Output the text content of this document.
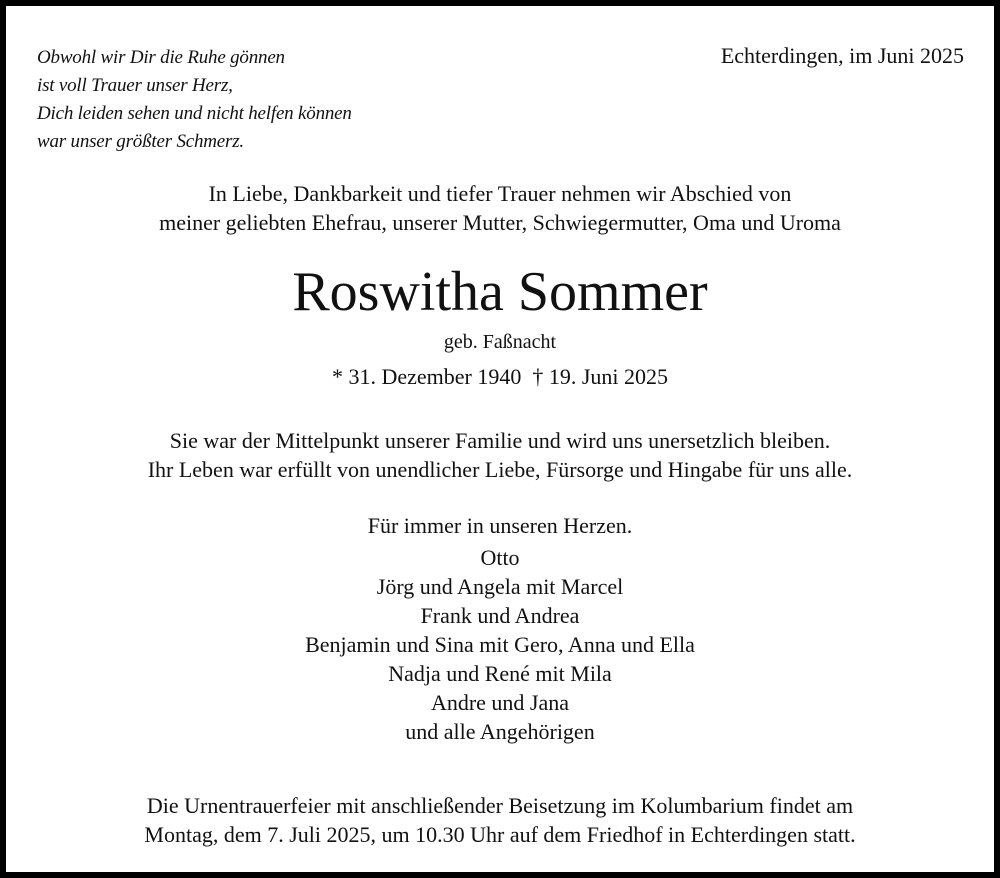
Obwohl wir Dir die Ruhe gönnen
ist voll Trauer unser Herz,
Dich leiden sehen und nicht helfen können
war unser größter Schmerz.
Echterdingen, im Juni 2025
In Liebe, Dankbarkeit und tiefer Trauer nehmen wir Abschied von
meiner geliebten Ehefrau, unserer Mutter, Schwiegermutter, Oma und Uroma
Roswitha Sommer
geb. Faßnacht
* 31. Dezember 1940  † 19. Juni 2025
Sie war der Mittelpunkt unserer Familie und wird uns unersetzlich bleiben.
Ihr Leben war erfüllt von unendlicher Liebe, Fürsorge und Hingabe für uns alle.
Für immer in unseren Herzen.
Otto
Jörg und Angela mit Marcel
Frank und Andrea
Benjamin und Sina mit Gero, Anna und Ella
Nadja und René mit Mila
Andre und Jana
und alle Angehörigen
Die Urnentrauerfeier mit anschließender Beisetzung im Kolumbarium findet am
Montag, dem 7. Juli 2025, um 10.30 Uhr auf dem Friedhof in Echterdingen statt.
